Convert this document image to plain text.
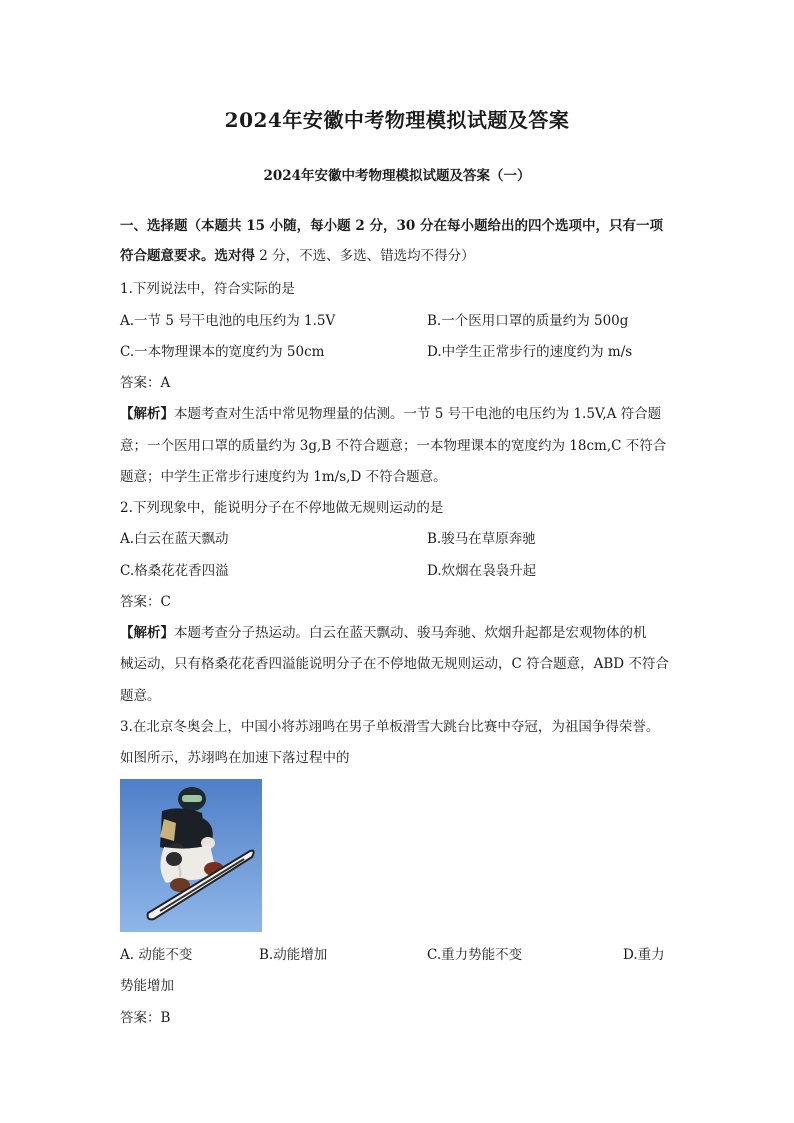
2024年安徽中考物理模拟试题及答案
2024年安徽中考物理模拟试题及答案（一）
一、选择题（本题共 15 小随，每小题 2 分，30 分在每小题给出的四个选项中，只有一项
符合题意要求。选对得 2 分，不选、多选、错选均不得分）
1.下列说法中，符合实际的是
A.一节 5 号干电池的电压约为 1.5V	B.一个医用口罩的质量约为 500g
C.一本物理课本的宽度约为 50cm	D.中学生正常步行的速度约为 m/s
答案：A
【解析】本题考查对生活中常见物理量的估测。一节 5 号干电池的电压约为 1.5V,A 符合题
意；一个医用口罩的质量约为 3g,B 不符合题意；一本物理课本的宽度约为 18cm,C 不符合
题意；中学生正常步行速度约为 1m/s,D 不符合题意。
2.下列现象中，能说明分子在不停地做无规则运动的是
A.白云在蓝天飘动	B.骏马在草原奔驰
C.格桑花花香四溢	D.炊烟在袅袅升起
答案：C
【解析】本题考查分子热运动。白云在蓝天飘动、骏马奔驰、炊烟升起都是宏观物体的机
械运动，只有格桑花花香四溢能说明分子在不停地做无规则运动，C 符合题意，ABD 不符合
题意。
3.在北京冬奥会上，中国小将苏翊鸣在男子单板滑雪大跳台比赛中夺冠，为祖国争得荣誉。
如图所示，苏翊鸣在加速下落过程中的
A. 动能不变	B.动能增加	C.重力势能不变	D.重力
势能增加
答案：B
